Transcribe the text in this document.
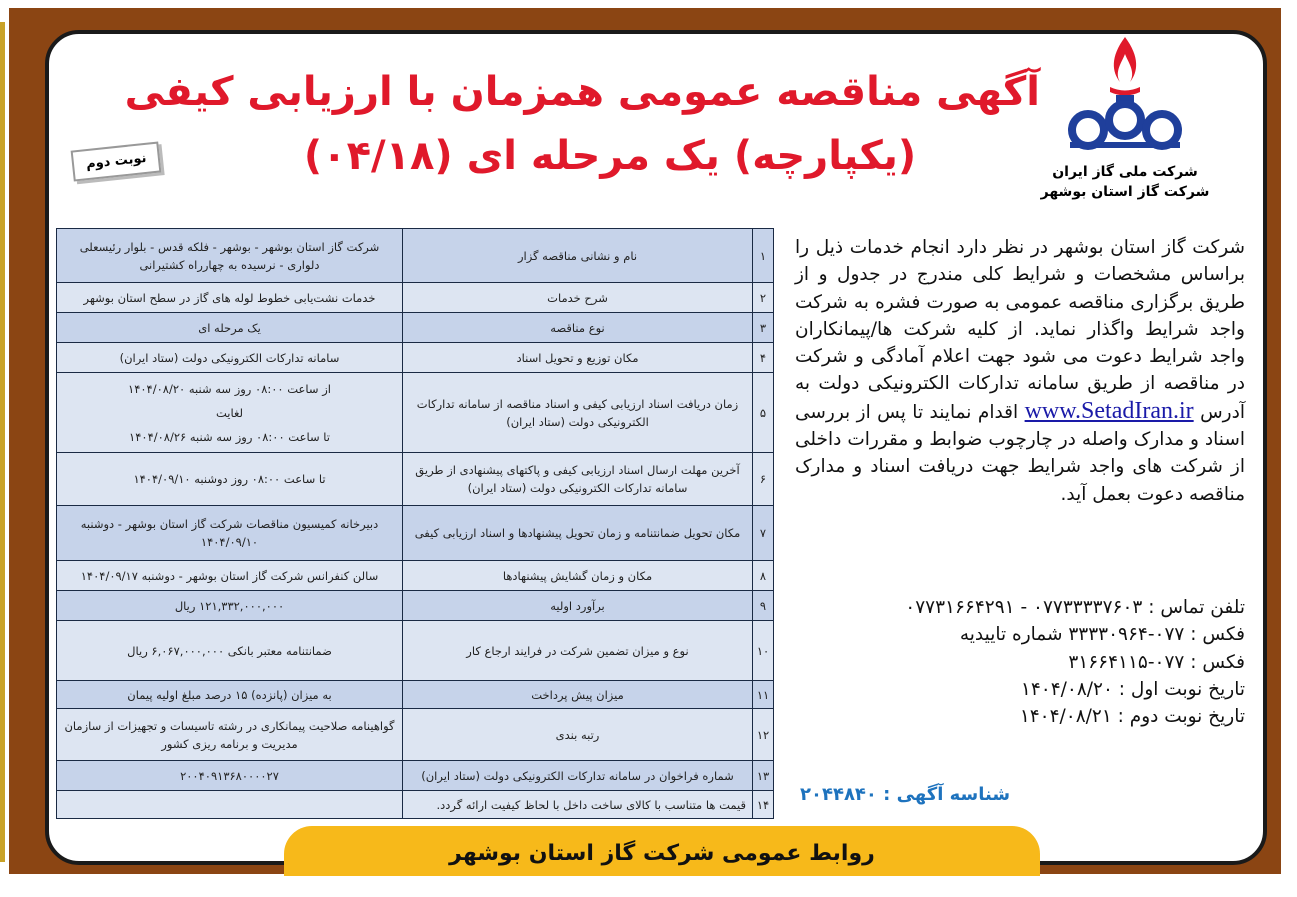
آگهی مناقصه عمومی همزمان با ارزیابی کیفی
(یکپارچه) یک مرحله ای (۰۴/۱۸)
نوبت دوم	شرکت ملی گاز ایران
شرکت گاز استان بوشهر
۱	نام و نشانی مناقصه گزار	شرکت گاز استان بوشهر - بوشهر - فلکه قدس - بلوار رئیسعلی دلواری - نرسیده به چهارراه کشتیرانی
۲	شرح خدمات	خدمات نشت‌یابی خطوط لوله های گاز در سطح استان بوشهر
۳	نوع مناقصه	یک مرحله ای
۴	مکان توزیع و تحویل اسناد	سامانه تدارکات الکترونیکی دولت (ستاد ایران)
۵	زمان دریافت اسناد ارزیابی کیفی و اسناد مناقصه از سامانه تدارکات الکترونیکی دولت (ستاد ایران)	از ساعت ۰۸:۰۰ روز سه شنبه ۱۴۰۴/۰۸/۲۰
لغایت
تا ساعت ۰۸:۰۰ روز سه شنبه ۱۴۰۴/۰۸/۲۶

۶	آخرین مهلت ارسال اسناد ارزیابی کیفی و پاکتهای پیشنهادی از طریق سامانه تدارکات الکترونیکی دولت (ستاد ایران)	تا ساعت ۰۸:۰۰ روز دوشنبه ۱۴۰۴/۰۹/۱۰
۷	مکان تحویل ضمانتنامه و زمان تحویل پیشنهادها و اسناد ارزیابی کیفی	دبیرخانه کمیسیون مناقصات شرکت گاز استان بوشهر - دوشنبه ۱۴۰۴/۰۹/۱۰
۸	مکان و زمان گشایش پیشنهادها	سالن کنفرانس شرکت گاز استان بوشهر - دوشنبه ۱۴۰۴/۰۹/۱۷
۹	برآورد اولیه	۱۲۱,۳۳۲,۰۰۰,۰۰۰ ریال
۱۰	نوع و میزان تضمین شرکت در فرایند ارجاع کار	ضمانتنامه معتبر بانکی ۶,۰۶۷,۰۰۰,۰۰۰ ریال
۱۱	میزان پیش پرداخت	به میزان (پانزده) ۱۵ درصد مبلغ اولیه پیمان
۱۲	رتبه بندی	گواهینامه صلاحیت پیمانکاری در رشته تاسیسات و تجهیزات از سازمان مدیریت و برنامه ریزی کشور
۱۳	شماره فراخوان در سامانه تدارکات الکترونیکی دولت (ستاد ایران)	۲۰۰۴۰۹۱۳۶۸۰۰۰۰۲۷
۱۴	قیمت ها متناسب با کالای ساخت داخل با لحاظ کیفیت ارائه گردد.	
شرکت گاز استان بوشهر در نظر دارد انجام خدمات ذیل را براساس مشخصات و شرایط کلی مندرج در جدول و از طریق برگزاری مناقصه عمومی به صورت فشره به شرکت واجد شرایط واگذار نماید. از کلیه شرکت ها/پیمانکاران واجد شرایط دعوت می شود جهت اعلام آمادگی و شرکت در مناقصه از طریق سامانه تدارکات الکترونیکی دولت به آدرس www.SetadIran.ir اقدام نمایند تا پس از بررسی اسناد و مدارک واصله در چارچوب ضوابط و مقررات داخلی از شرکت های واجد شرایط جهت دریافت اسناد و مدارک مناقصه دعوت بعمل آید.
تلفن تماس : ۰۷۷۳۳۳۳۷۶۰۳ - ۰۷۷۳۱۶۶۴۲۹۱
فکس : ۰۷۷-۳۳۳۳۰۹۶۴ شماره تاییدیه
فکس : ۰۷۷-۳۱۶۶۴۱۱۵
تاریخ نوبت اول : ۱۴۰۴/۰۸/۲۰
تاریخ نوبت دوم : ۱۴۰۴/۰۸/۲۱
شناسه آگهی : ۲۰۴۴۸۴۰
روابط عمومی شرکت گاز استان بوشهر
